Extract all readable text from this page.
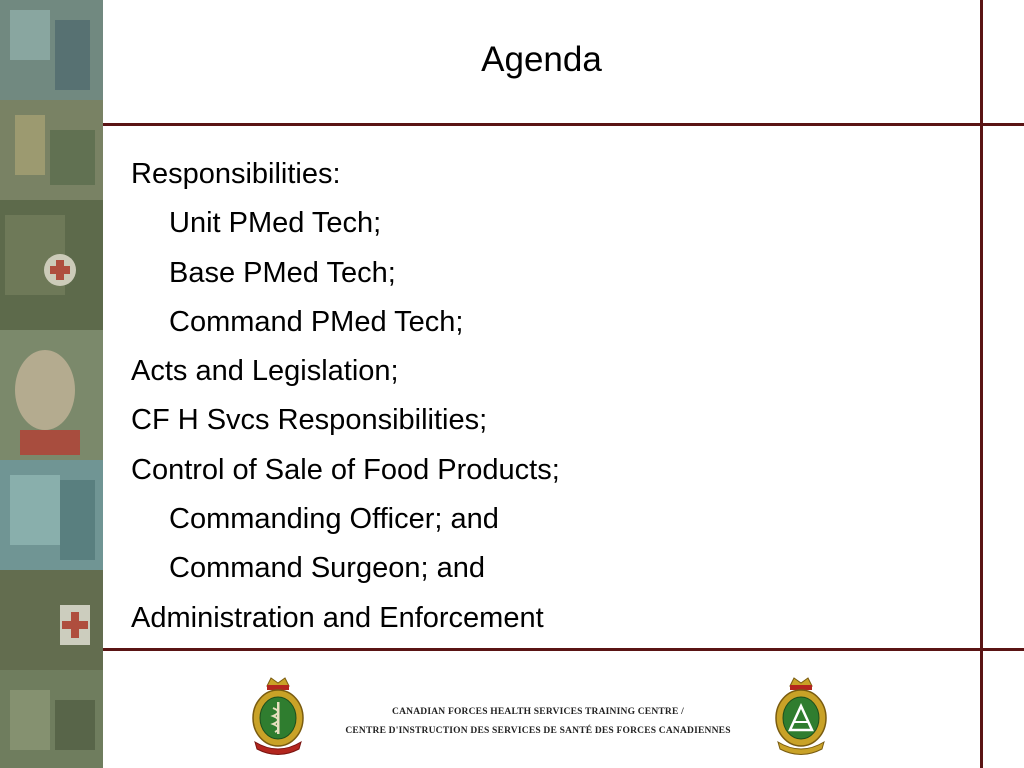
Agenda
Responsibilities:
Unit PMed Tech;
Base PMed Tech;
Command PMed Tech;
Acts and Legislation;
CF H Svcs Responsibilities;
Control of Sale of Food Products;
Commanding Officer; and
Command Surgeon; and
Administration and Enforcement
CANADIAN FORCES HEALTH SERVICES TRAINING CENTRE /
CENTRE D'INSTRUCTION DES SERVICES DE SANTÉ DES FORCES CANADIENNES
